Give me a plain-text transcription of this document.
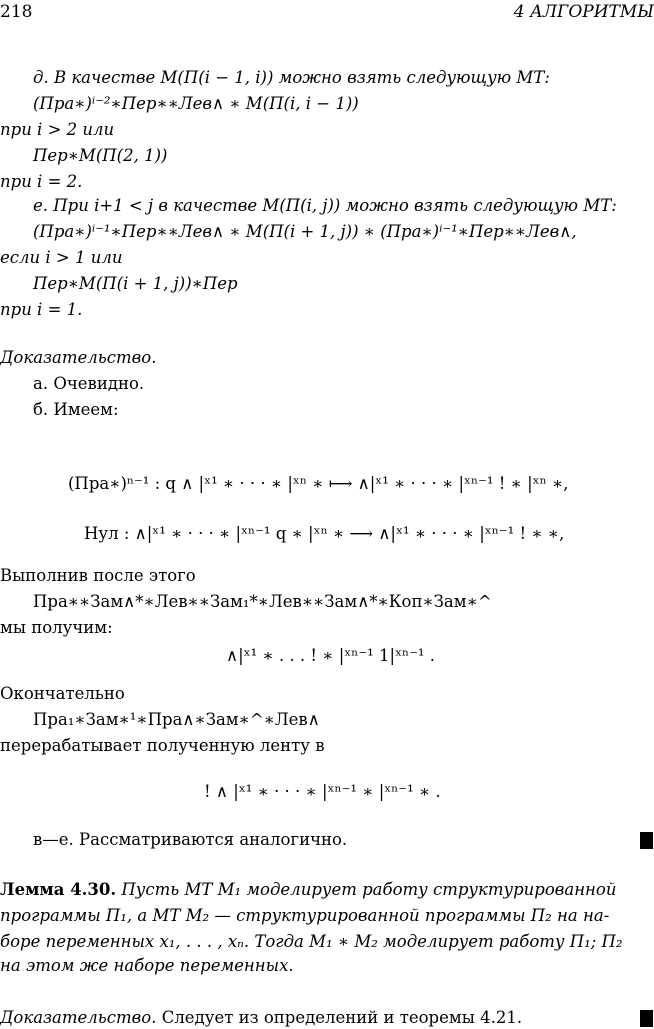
218	4 АЛГОРИТМЫ
д. В качестве M(Π(i − 1, i)) можно взять следующую МТ:
(Пра∗)ⁱ⁻²∗Пер∗∗Лев∧ ∗ M(Π(i, i − 1))
при i > 2 или
Пер∗M(Π(2, 1))
при i = 2.
е. При i+1 < j в качестве M(Π(i, j)) можно взять следующую МТ:
(Пра∗)ⁱ⁻¹∗Пер∗∗Лев∧ ∗ M(Π(i + 1, j)) ∗ (Пра∗)ⁱ⁻¹∗Пер∗∗Лев∧,
если i > 1 или
Пер∗M(Π(i + 1, j))∗Пер
при i = 1.
Доказательство.
а. Очевидно.
б. Имеем:
(Пра∗)ⁿ⁻¹ : q ∧ |ˣ¹ ∗ · · · ∗ |ˣⁿ ∗ ⟼ ∧|ˣ¹ ∗ · · · ∗ |ˣⁿ⁻¹ ! ∗ |ˣⁿ ∗,
Нул : ∧|ˣ¹ ∗ · · · ∗ |ˣⁿ⁻¹ q ∗ |ˣⁿ ∗ ⟶ ∧|ˣ¹ ∗ · · · ∗ |ˣⁿ⁻¹ ! ∗ ∗,
Выполнив после этого
Пра∗∗Зам∧*∗Лев∗∗Зам₁*∗Лев∗∗Зам∧*∗Коп∗Зам∗^
мы получим:
∧|ˣ¹ ∗ . . . ! ∗ |ˣⁿ⁻¹ 1|ˣⁿ⁻¹ .
Окончательно
Пра₁∗Зам∗¹∗Пра∧∗Зам∗^∗Лев∧
перерабатывает полученную ленту в
! ∧ |ˣ¹ ∗ · · · ∗ |ˣⁿ⁻¹ ∗ |ˣⁿ⁻¹ ∗ .
в—е. Рассматриваются аналогично.
Лемма 4.30. Пусть МТ M₁ моделирует работу структурированной
программы Π₁, а МТ M₂ — структурированной программы Π₂ на на-
боре переменных x₁, . . . , xₙ. Тогда M₁ ∗ M₂ моделирует работу Π₁; Π₂
на этом же наборе переменных.
Доказательство. Следует из определений и теоремы 4.21.
